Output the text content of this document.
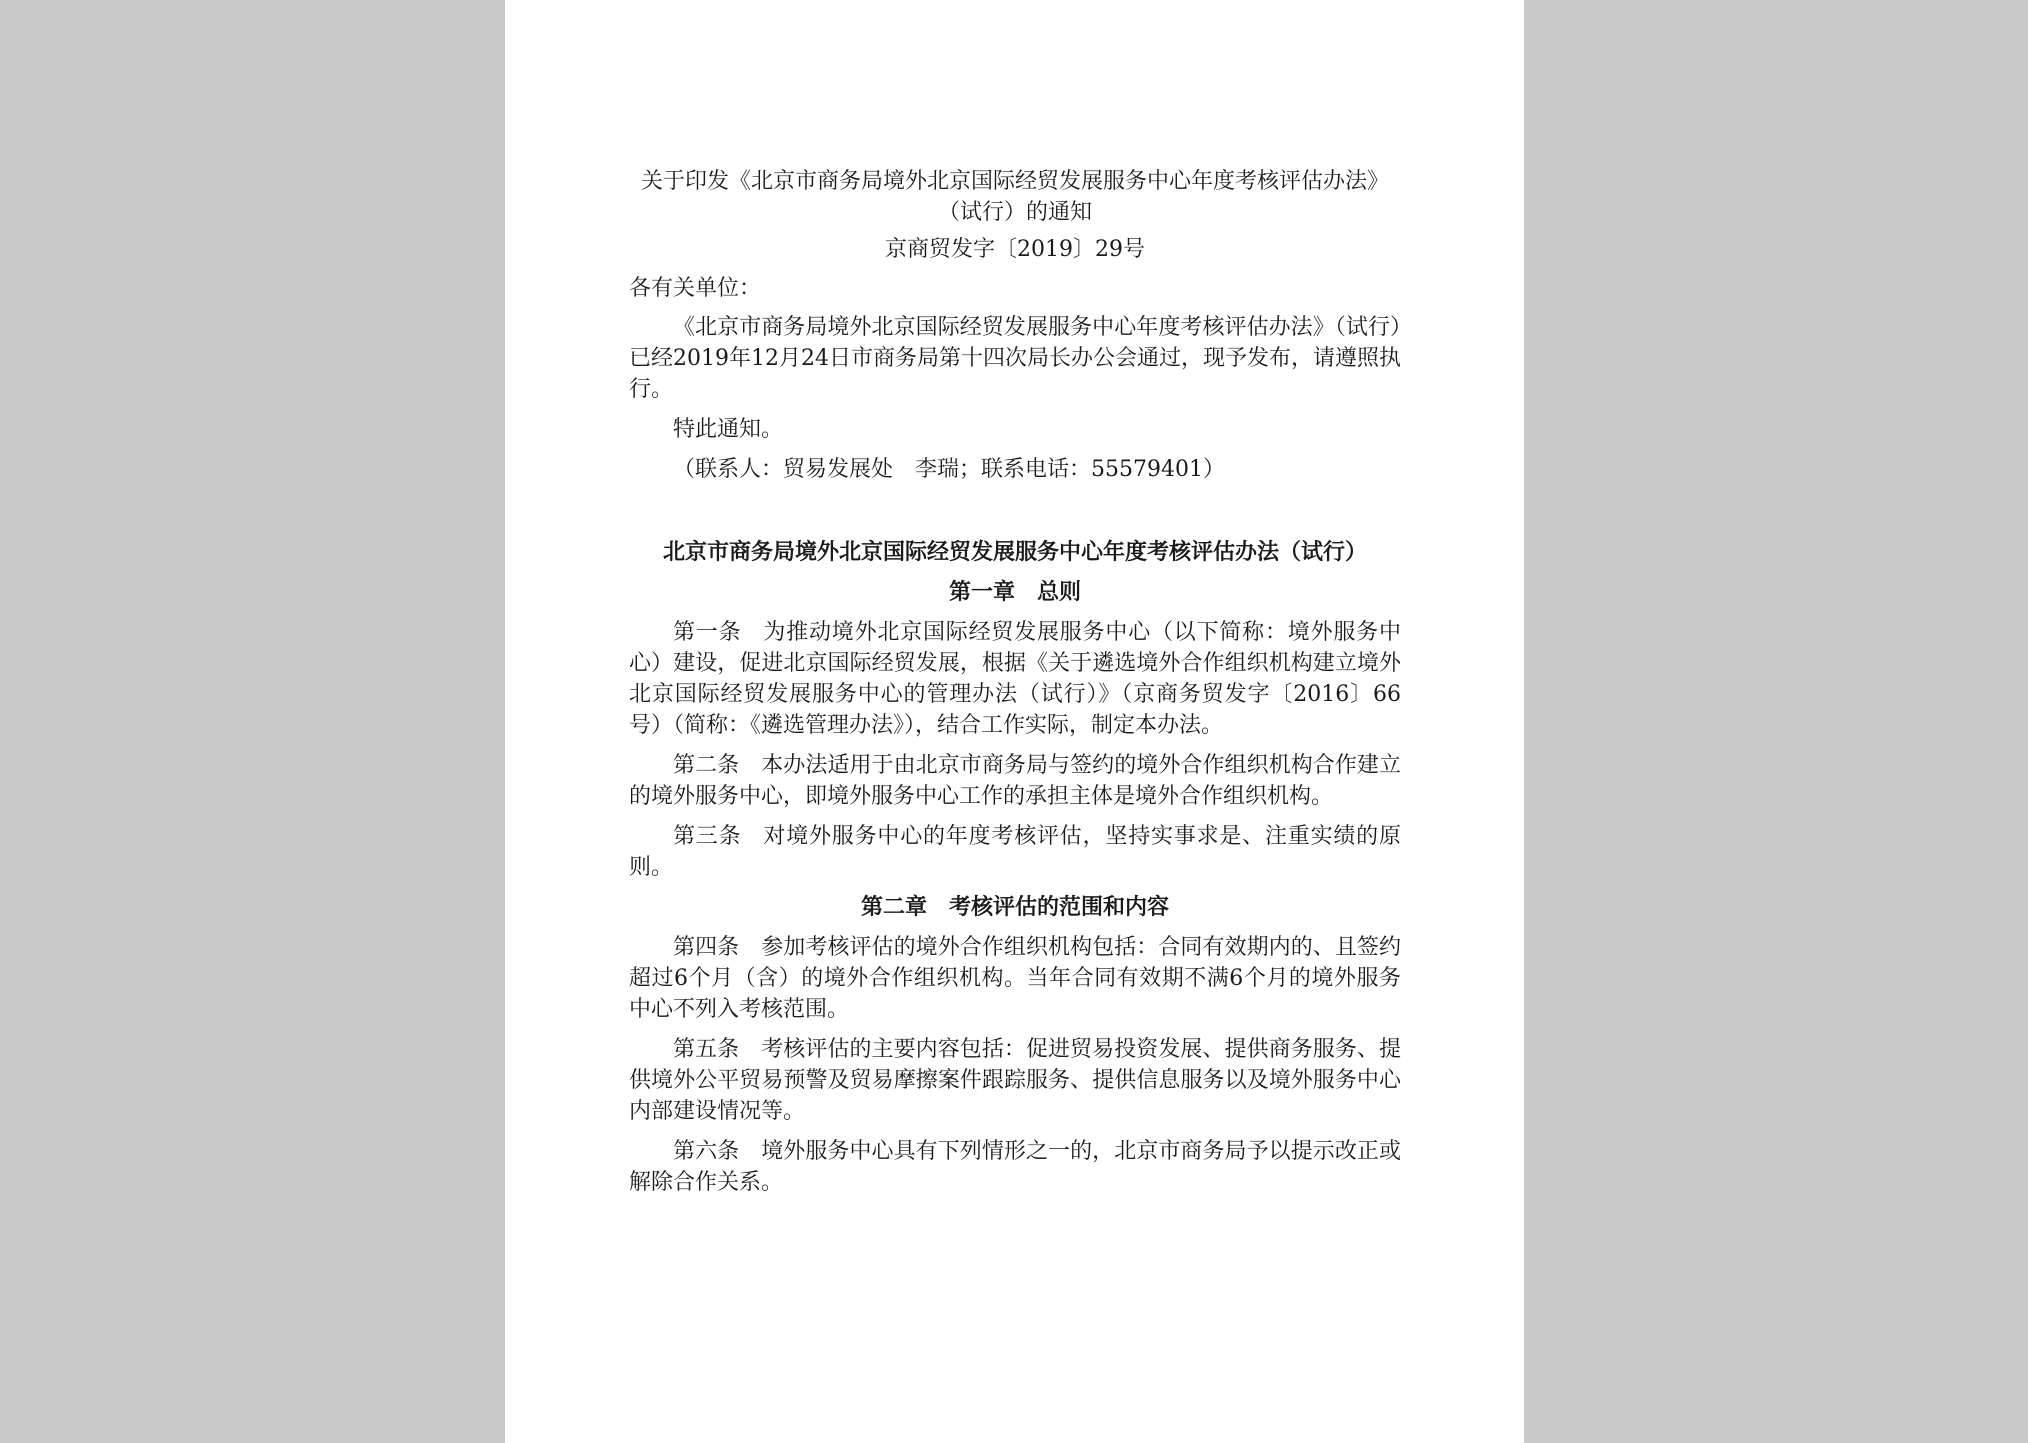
关于印发《北京市商务局境外北京国际经贸发展服务中心年度考核评估办法》（试行）的通知

京商贸发字〔2019〕29号

各有关单位：

《北京市商务局境外北京国际经贸发展服务中心年度考核评估办法》（试行）已经2019年12月24日市商务局第十四次局长办公会通过，现予发布，请遵照执行。

特此通知。

（联系人：贸易发展处　李瑞；联系电话：55579401）

北京市商务局境外北京国际经贸发展服务中心年度考核评估办法（试行）

第一章　总则

第一条 为推动境外北京国际经贸发展服务中心（以下简称：境外服务中心）建设，促进北京国际经贸发展，根据《关于遴选境外合作组织机构建立境外北京国际经贸发展服务中心的管理办法（试行）》（京商务贸发字〔2016〕66号）（简称：《遴选管理办法》），结合工作实际，制定本办法。

第二条 本办法适用于由北京市商务局与签约的境外合作组织机构合作建立的境外服务中心，即境外服务中心工作的承担主体是境外合作组织机构。

第三条 对境外服务中心的年度考核评估，坚持实事求是、注重实绩的原则。

第二章　考核评估的范围和内容

第四条 参加考核评估的境外合作组织机构包括：合同有效期内的、且签约超过6个月（含）的境外合作组织机构。当年合同有效期不满6个月的境外服务中心不列入考核范围。

第五条 考核评估的主要内容包括：促进贸易投资发展、提供商务服务、提供境外公平贸易预警及贸易摩擦案件跟踪服务、提供信息服务以及境外服务中心内部建设情况等。

第六条 境外服务中心具有下列情形之一的，北京市商务局予以提示改正或解除合作关系。
